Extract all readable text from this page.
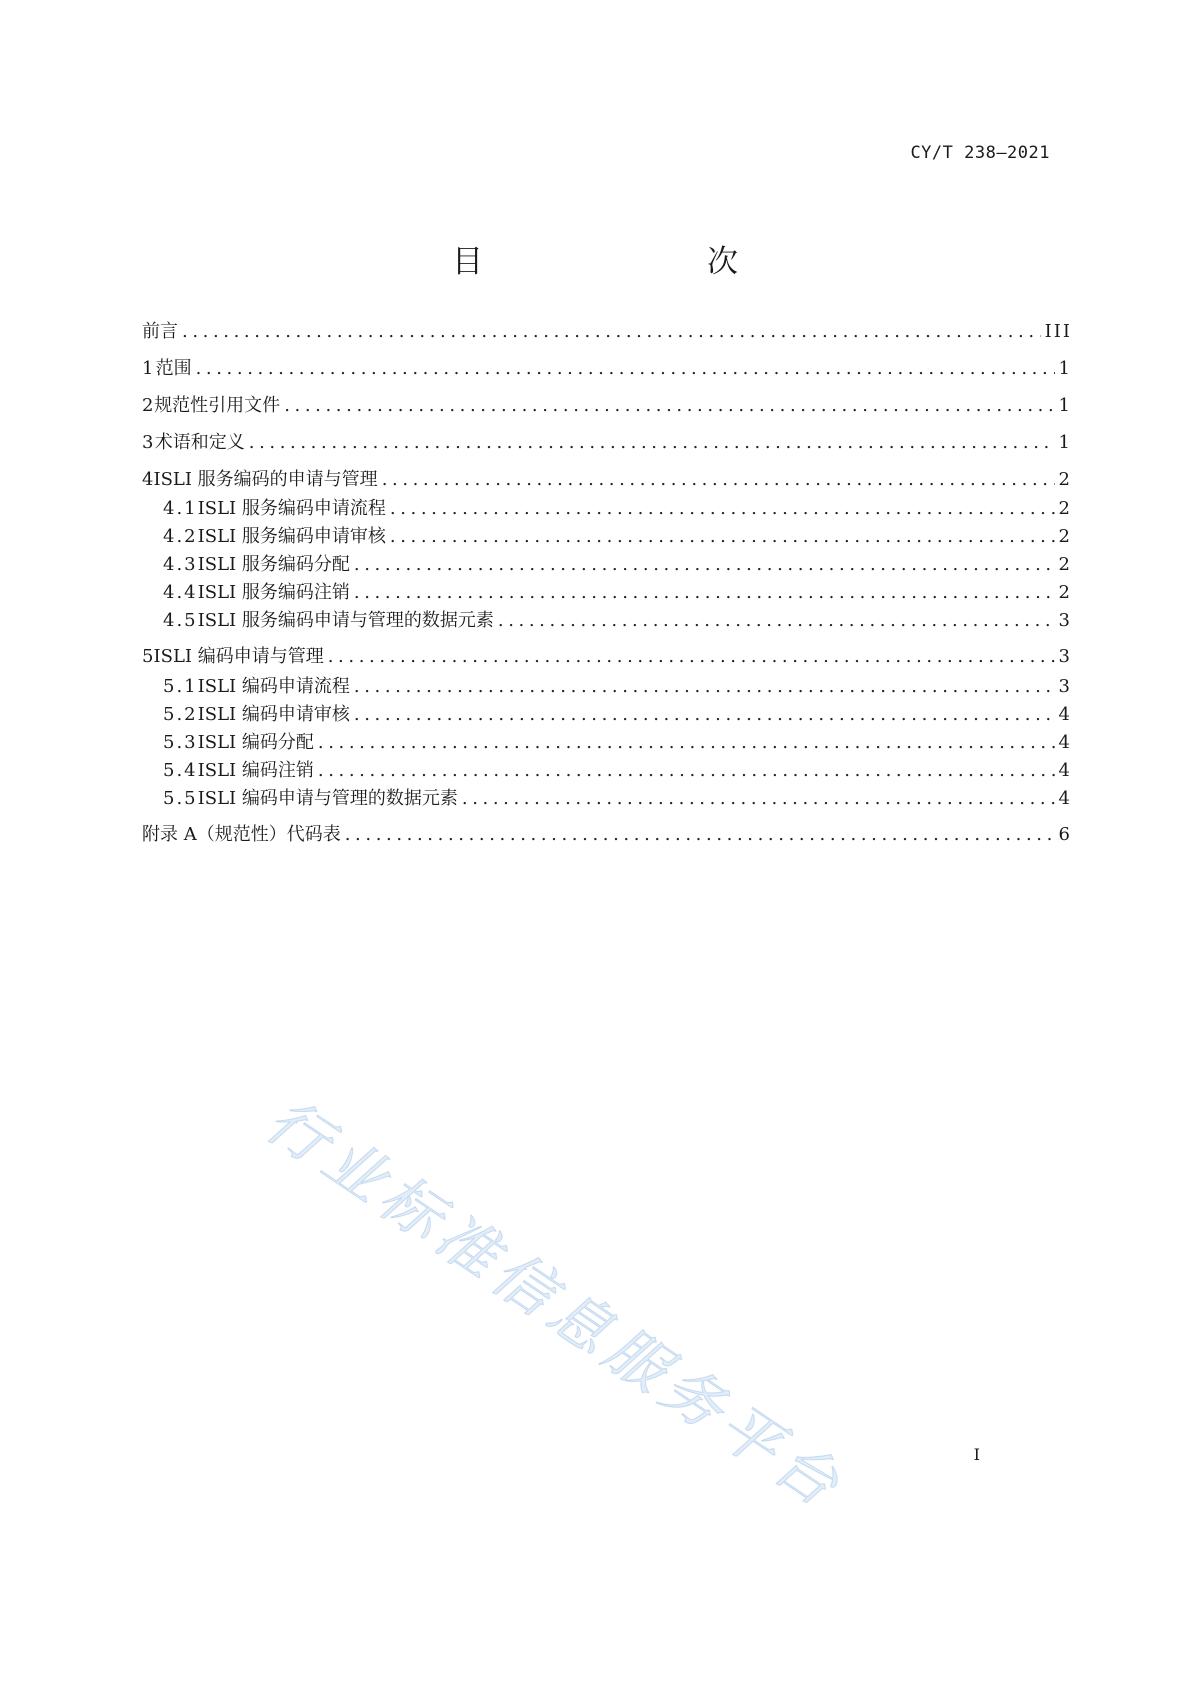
CY/T 238—2021
目　　次
前言 .....	III
1 范围 .....	1
2 规范性引用文件 .....	1
3 术语和定义 .....	1
4 ISLI 服务编码的申请与管理 .....	2
4.1 ISLI 服务编码申请流程 .....	2
4.2 ISLI 服务编码申请审核 .....	2
4.3 ISLI 服务编码分配 .....	2
4.4 ISLI 服务编码注销 .....	2
4.5 ISLI 服务编码申请与管理的数据元素 .....	3
5 ISLI 编码申请与管理 .....	3
5.1 ISLI 编码申请流程 .....	3
5.2 ISLI 编码申请审核 .....	4
5.3 ISLI 编码分配 .....	4
5.4 ISLI 编码注销 .....	4
5.5 ISLI 编码申请与管理的数据元素 .....	4
附录 A（规范性）代码表 .....	6
行业标准信息服务平台	I
